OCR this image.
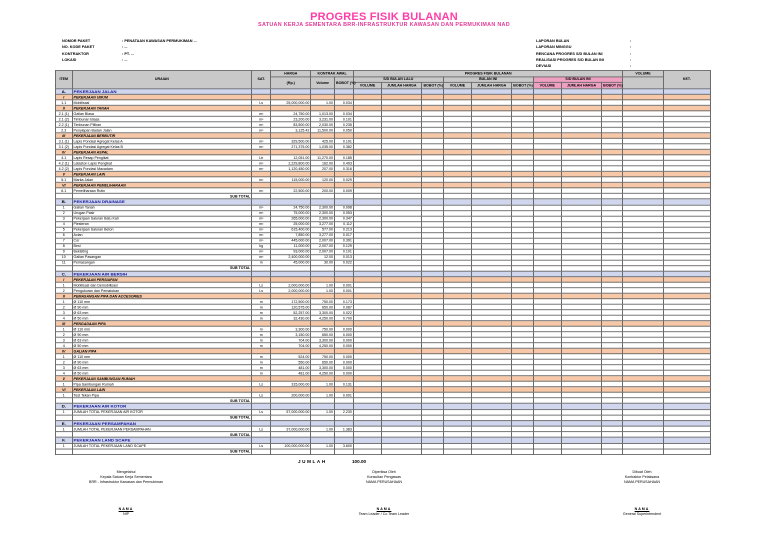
PROGRES FISIK BULANAN
SATUAN KERJA SEMENTARA BRR-INFRASTRUKTUR KAWASAN DAN PERMUKIMAN NAD
NOMOR PAKET	: PENATAAN KAWASAN PERMUKIMAN ...
NO. KODE PAKET	: ...
KONTRAKTOR	: PT. ...
LOKASI	: ...
LAPORAN BULAN	:
LAPORAN MINGGU	:
RENCANA PROGRES S/D BULAN INI	:
REALISASI PROGRES S/D BULAN INI	:
DEVIASI	:
ITEM	URAIAN	SAT.	HARGA	KONTRAK AWAL		PROGRES FISIK BULANAN									VOLUME	KET.
			(Rp.)	Volume	BOBOT (%)	S/D BULAN LALU			BULAN INI			S/D BULAN INI				
						VOLUME	JUMLAH HARGA	BOBOT (%)	VOLUME	JUMLAH HARGA	BOBOT (%)	VOLUME	JUMLAH HARGA	BOBOT (%)		
A.	PEKERJAAN JALAN															
I	PEKERJAAN UMUM															
1.1	Mobilisasi	Ls	25,000,000.00	1.00	0.034											
II	PEKERJAAN TANAH															
2.1 (1)	Galian Biasa	m³	24,750.00	1,013.00	0.034											
2.1 (2)	Timbunan Biasa	m³	23,200.00	3,231.00	0.101											
2.2 (1)	Timbunan Pilihan	m³	83,500.00	2,030.00	0.235											
2.3	Penyiapan Badan Jalan	m²	3,125.42	11,500.00	0.050											
III	PEKERJAAN BERBUTIR															
3.1 (1)	Lapis Pondasi Agregat Kelas A	m³	329,500.00	425.00	0.191											
3.1 (2)	Lapis Pondasi Agregat Kelas B	m³	271,375.00	1,035.00	0.382											
IV	PEKERJAAN ASPAL															
4.1	Lapis Resap Pengikat	Ltr	12,051.00	11,270.00	0.185											
4.2 (1)	Lataston Lapis Pengikat	m³	2,229,800.00	162.00	0.493											
4.2 (2)	Lapis Pondasi Macadam	m³	1,120,450.00	207.00	0.316											
V	PEKERJAAN LAIN															
5.1	Marka Jalan	m²	115,000.00	120.00	0.029											
VI	PEKERJAAN PEMELIHARAAN															
6.1	Pemeliharaan Rutin	m²	22,500.00	200.00	0.009											
	SUB TOTAL															
B.	PEKERJAAN DRAINASE															
1	Galian Tanah	m³	24,750.00	2,300.00	0.098											
2	Urugan Pasir	m³	75,000.00	2,300.00	0.053											
3	Pekerjaan Saluran Batu Kali	m³	265,000.00	2,300.00	0.347											
4	Plesteran	m²	25,000.00	3,277.00	0.112											
5	Pekerjaan Saluran Beton	m³	615,400.00	577.00	0.213											
6	Acian	m²	7,850.00	3,277.00	0.017											
7	Cor	m³	445,000.00	2,007.00	0.391											
8	Besi	kg	11,000.00	2,007.00	0.129											
9	Bekisting	m²	93,000.00	2,007.00	0.101											
10	Galian Pasangan	m³	2,400,000.00	12.00	0.013											
11	Pemasangan	m	45,000.00	30.00	0.022											
	SUB TOTAL															
C.	PEKERJAAN AIR BERSIH															
I	PEKERJAAN PERSIAPAN															
1	Mobilisasi dan Demobilisasi	Ls	2,000,000.00	1.00	0.001											
2	Pengukuran dan Pematokan	Ls	2,000,000.00	1.00	0.001											
II	PEMASANGAN PIPA DAN ACCESORIES															
1	Ø 110 mm	m	172,500.00	750.00	0.173											
2	Ø 90 mm	m	120,575.00	650.00	0.087											
3	Ø 63 mm	m	52,257.00	3,300.00	0.022											
4	Ø 50 mm	m	32,430.00	4,250.00	0.700											
III	PENGADAAN PIPA															
1	Ø 110 mm	m	3,300.00	750.00	0.000											
2	Ø 90 mm	m	3,150.00	650.00	0.000											
3	Ø 63 mm	m	704.00	3,300.00	0.000											
4	Ø 50 mm	m	704.00	4,250.00	0.000											
IV	GALIAN PIPA															
1	Ø 110 mm	m	524.00	750.00	0.000											
2	Ø 90 mm	m	550.00	650.00	0.000											
3	Ø 63 mm	m	481.00	3,300.00	0.000											
4	Ø 50 mm	m	481.00	4,250.00	0.000											
V	PEKERJAAN SAMBUNGAN RUMAH															
1	Pipa Sambungan Rumah	Ls	315,000.00	1.00	0.131											
VI	PEKERJAAN LAIN															
1	Test Tekan Pipa	Ls	200,000.00	1.00	0.001											
	SUB TOTAL															
D.	PEKERJAAN AIR KOTOR															
1	JUMLAH TOTAL PEKERJAAN AIR KOTOR	Ls	57,000,000.00	1.00	2.230											
	SUB TOTAL															
E.	PEKERJAAN PERSAMPAHAN															
1	JUMLAH TOTAL PEKERJAAN PERSAMPAHAN	Ls	37,000,000.00	1.00	1.383											
	SUB TOTAL															
F.	PEKERJAAN LAND SCAPE															
1	JUMLAH TOTAL PEKERJAAN LAND SCAPE	Ls	100,000,000.00	1.00	3.600											
	SUB TOTAL															
JUMLAH	100.00
Mengetahui
Kepala Satuan Kerja Sementara
BRR - Infrastruktur Kawasan dan Permukiman
NAMA
NIP
Diperiksa Oleh
Konsultan Pengawas
NAMA PERUSAHAAN
NAMA
Team Leader / Co Team Leader
Dibuat Oleh
Kontraktor Pelaksana
NAMA PERUSAHAAN
NAMA
General Superintendent
